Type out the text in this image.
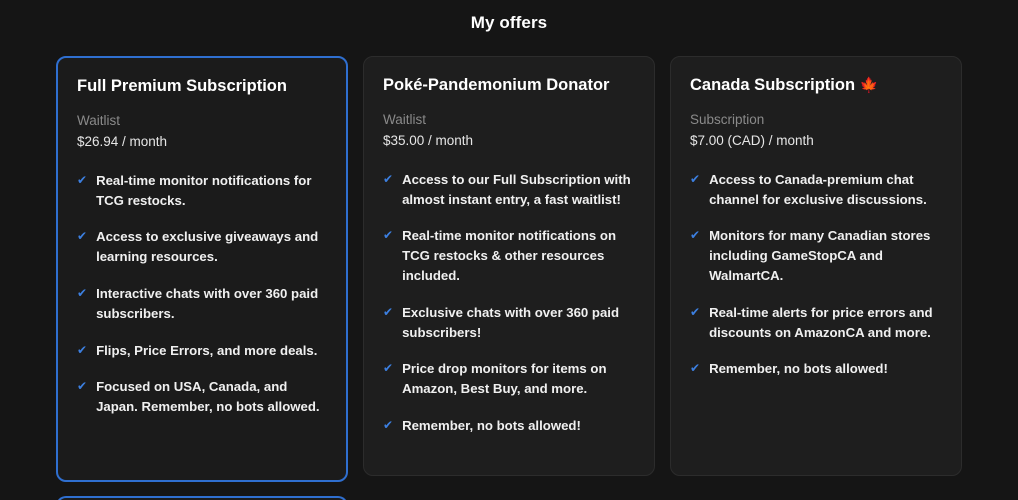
My offers
Full Premium Subscription
Waitlist
$26.94 / month
✔ Real-time monitor notifications for TCG restocks.
✔ Access to exclusive giveaways and learning resources.
✔ Interactive chats with over 360 paid subscribers.
✔ Flips, Price Errors, and more deals.
✔ Focused on USA, Canada, and Japan. Remember, no bots allowed.
Poké-Pandemonium Donator
Waitlist
$35.00 / month
✔ Access to our Full Subscription with almost instant entry, a fast waitlist!
✔ Real-time monitor notifications on TCG restocks & other resources included.
✔ Exclusive chats with over 360 paid subscribers!
✔ Price drop monitors for items on Amazon, Best Buy, and more.
✔ Remember, no bots allowed!
Canada Subscription 🍁
Subscription
$7.00 (CAD) / month
✔ Access to Canada-premium chat channel for exclusive discussions.
✔ Monitors for many Canadian stores including GameStopCA and WalmartCA.
✔ Real-time alerts for price errors and discounts on AmazonCA and more.
✔ Remember, no bots allowed!
